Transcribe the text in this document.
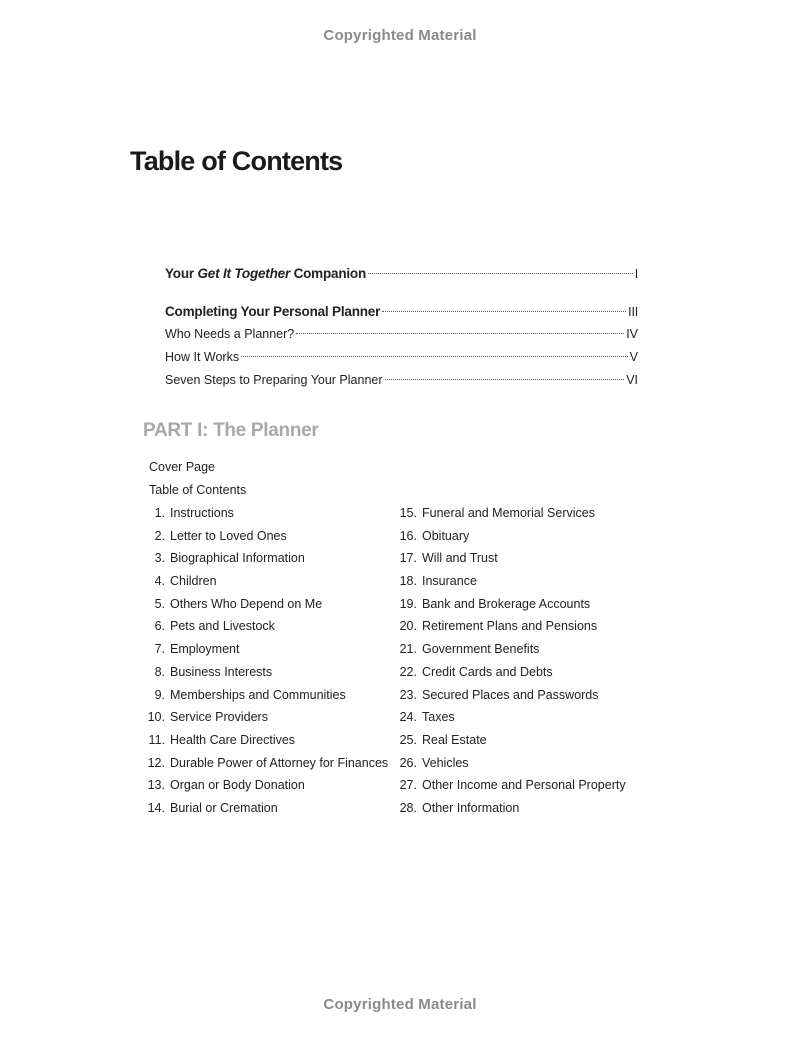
Copyrighted Material
Table of Contents
Your Get It Together Companion	I
Completing Your Personal Planner	III
Who Needs a Planner?	IV
How It Works	V
Seven Steps to Preparing Your Planner	VI
PART I: The Planner
Cover Page
Table of Contents
1. Instructions
2. Letter to Loved Ones
3. Biographical Information
4. Children
5. Others Who Depend on Me
6. Pets and Livestock
7. Employment
8. Business Interests
9. Memberships and Communities
10. Service Providers
11. Health Care Directives
12. Durable Power of Attorney for Finances
13. Organ or Body Donation
14. Burial or Cremation
15. Funeral and Memorial Services
16. Obituary
17. Will and Trust
18. Insurance
19. Bank and Brokerage Accounts
20. Retirement Plans and Pensions
21. Government Benefits
22. Credit Cards and Debts
23. Secured Places and Passwords
24. Taxes
25. Real Estate
26. Vehicles
27. Other Income and Personal Property
28. Other Information
Copyrighted Material
